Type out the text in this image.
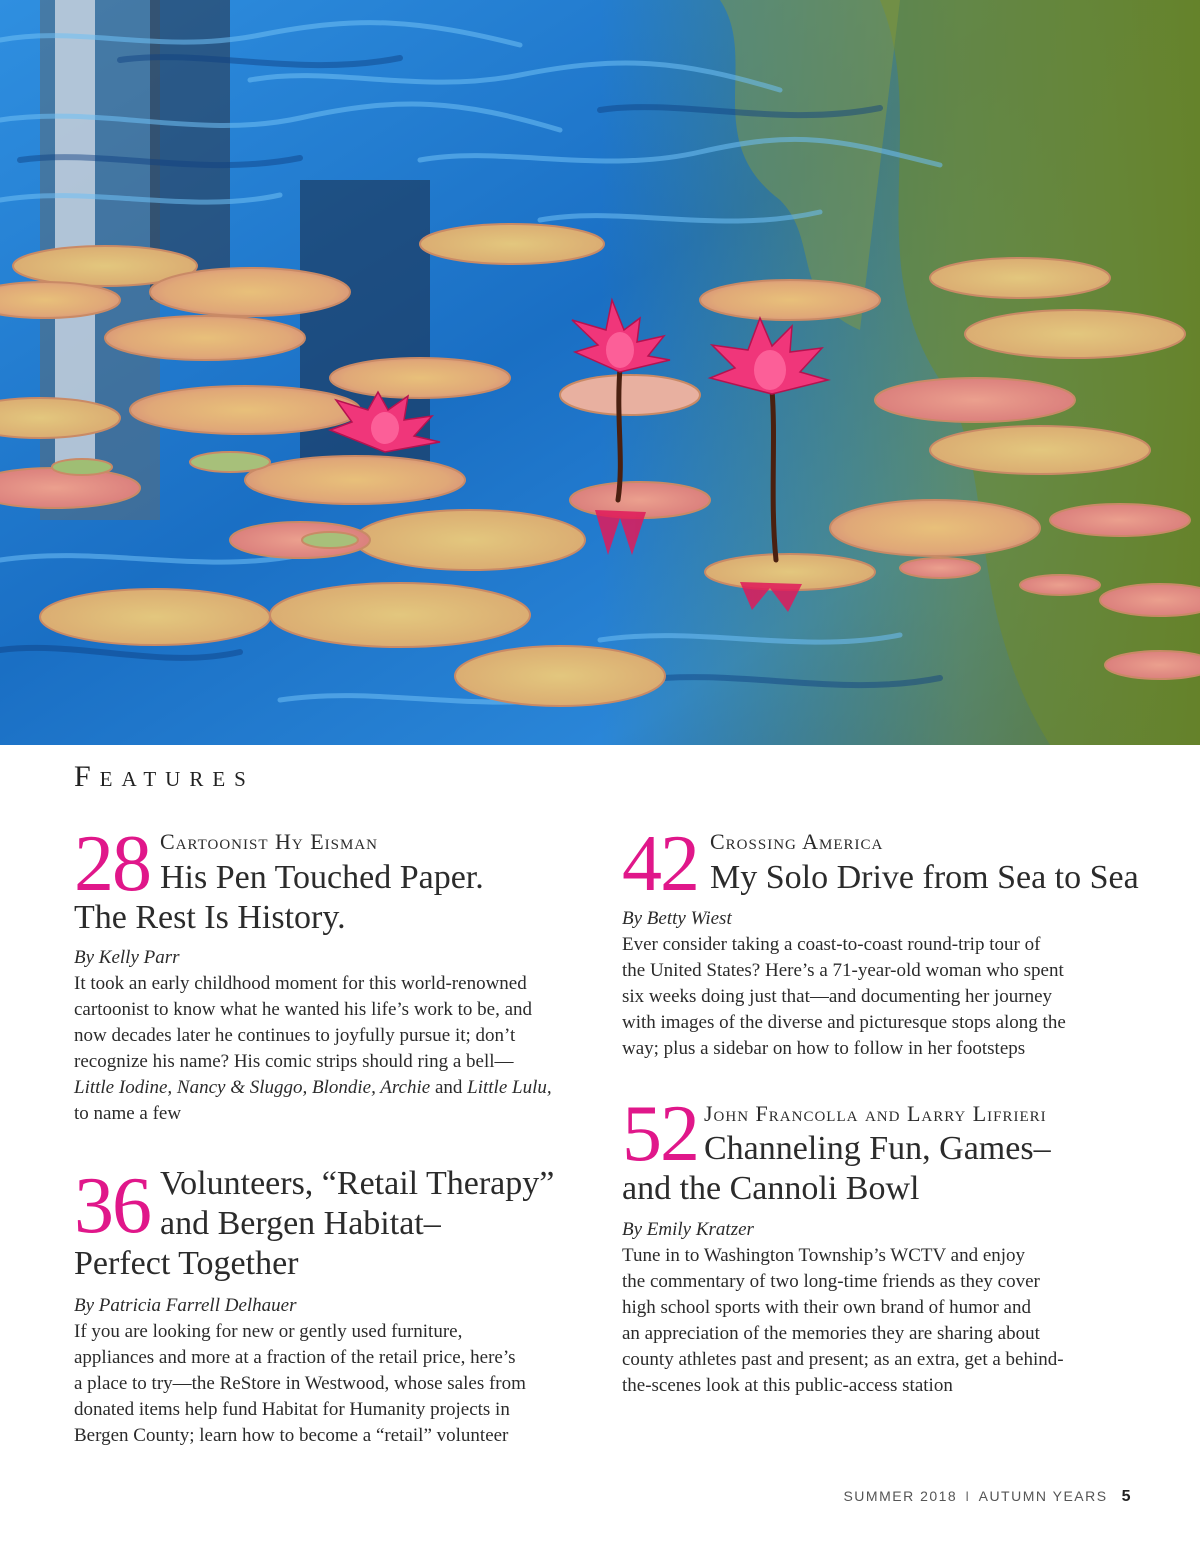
Features
28 Cartoonist Hy Eisman
His Pen Touched Paper.
The Rest Is History.
By Kelly Parr
It took an early childhood moment for this world-renowned
cartoonist to know what he wanted his life’s work to be, and
now decades later he continues to joyfully pursue it; don’t
recognize his name? His comic strips should ring a bell—
Little Iodine, Nancy & Sluggo, Blondie, Archie and Little Lulu,
to name a few
36 Volunteers, “Retail Therapy”
and Bergen Habitat–
Perfect Together
By Patricia Farrell Delhauer
If you are looking for new or gently used furniture,
appliances and more at a fraction of the retail price, here’s
a place to try—the ReStore in Westwood, whose sales from
donated items help fund Habitat for Humanity projects in
Bergen County; learn how to become a “retail” volunteer
42 Crossing America
My Solo Drive from Sea to Sea
By Betty Wiest
Ever consider taking a coast-to-coast round-trip tour of
the United States? Here’s a 71-year-old woman who spent
six weeks doing just that—and documenting her journey
with images of the diverse and picturesque stops along the
way; plus a sidebar on how to follow in her footsteps
52 John Francolla and Larry Lifrieri
Channeling Fun, Games–
and the Cannoli Bowl
By Emily Kratzer
Tune in to Washington Township’s WCTV and enjoy
the commentary of two long-time friends as they cover
high school sports with their own brand of humor and
an appreciation of the memories they are sharing about
county athletes past and present; as an extra, get a behind-
the-scenes look at this public-access station
SUMMER 2018 I AUTUMN YEARS 5
